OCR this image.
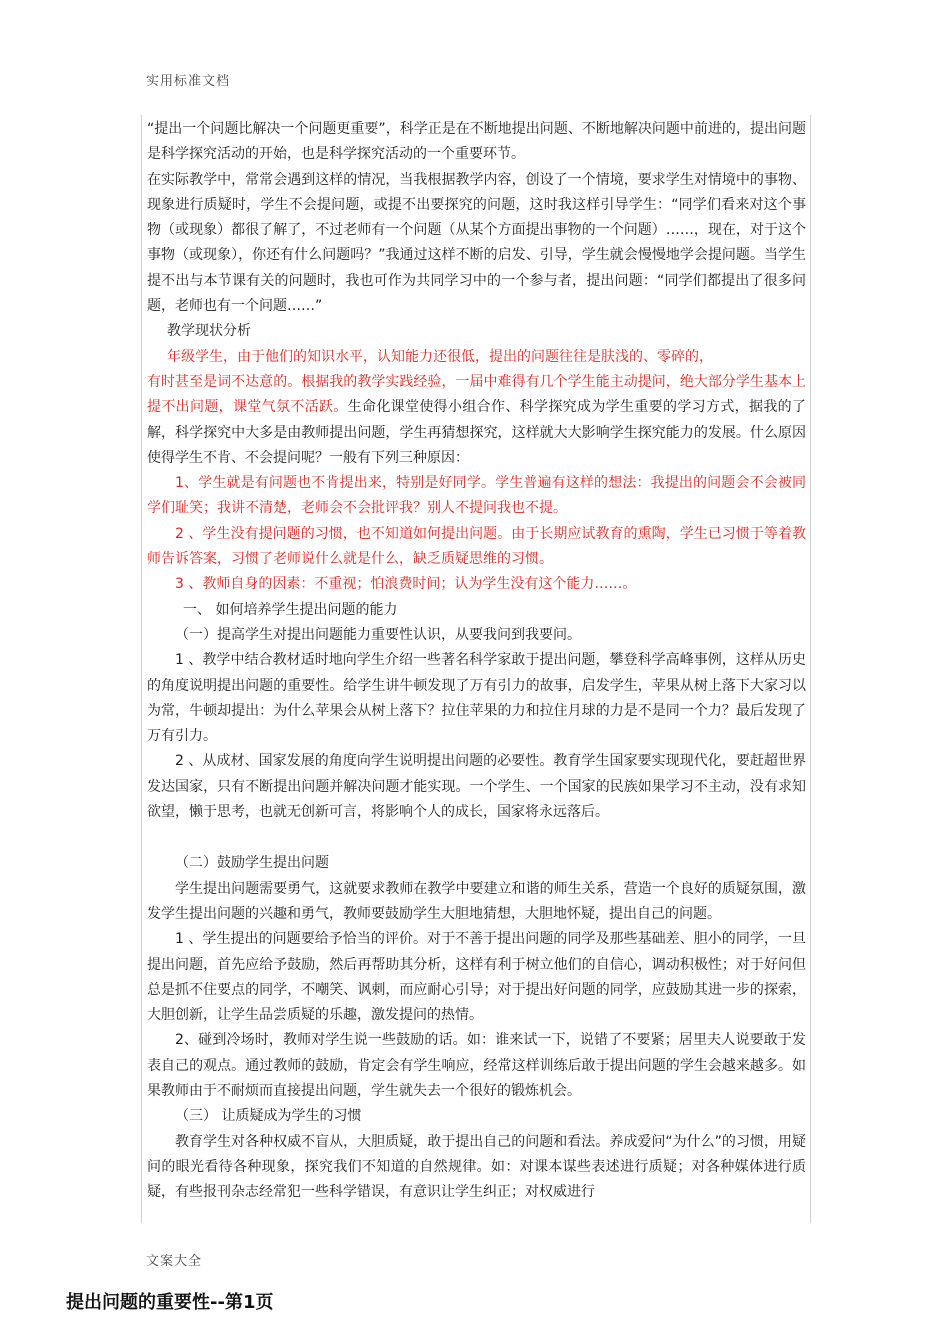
实用标准文档

“提出一个问题比解决一个问题更重要”，科学正是在不断地提出问题、不断地解决问题中前进的，提出问题是科学探究活动的开始，也是科学探究活动的一个重要环节。

在实际教学中，常常会遇到这样的情况，当我根据教学内容，创设了一个情境，要求学生对情境中的事物、现象进行质疑时，学生不会提问题，或提不出要探究的问题，这时我这样引导学生：“同学们看来对这个事物（或现象）都很了解了，不过老师有一个问题（从某个方面提出事物的一个问题）……，现在，对于这个事物（或现象），你还有什么问题吗？”我通过这样不断的启发、引导，学生就会慢慢地学会提问题。当学生提不出与本节课有关的问题时，我也可作为共同学习中的一个参与者，提出问题：“同学们都提出了很多问题，老师也有一个问题……”

教学现状分析

年级学生，由于他们的知识水平，认知能力还很低，提出的问题往往是肤浅的、零碎的，

有时甚至是词不达意的。根据我的教学实践经验，一届中难得有几个学生能主动提问，绝大部分学生基本上提不出问题，课堂气氛不活跃。生命化课堂使得小组合作、科学探究成为学生重要的学习方式，据我的了解，科学探究中大多是由教师提出问题，学生再猜想探究，这样就大大影响学生探究能力的发展。什么原因使得学生不肯、不会提问呢？一般有下列三种原因：

1、学生就是有问题也不肯提出来，特别是好同学。学生普遍有这样的想法：我提出的问题会不会被同学们耻笑；我讲不清楚，老师会不会批评我？别人不提问我也不提。

2 、学生没有提问题的习惯，也不知道如何提出问题。由于长期应试教育的熏陶，学生已习惯于等着教师告诉答案，习惯了老师说什么就是什么，缺乏质疑思维的习惯。

3 、教师自身的因素：不重视；怕浪费时间；认为学生没有这个能力……。

一、 如何培养学生提出问题的能力

（一）提高学生对提出问题能力重要性认识，从要我问到我要问。

1 、教学中结合教材适时地向学生介绍一些著名科学家敢于提出问题，攀登科学高峰事例，这样从历史的角度说明提出问题的重要性。给学生讲牛顿发现了万有引力的故事，启发学生，苹果从树上落下大家习以为常，牛顿却提出：为什么苹果会从树上落下？拉住苹果的力和拉住月球的力是不是同一个力？最后发现了万有引力。

2 、从成材、国家发展的角度向学生说明提出问题的必要性。教育学生国家要实现现代化，要赶超世界发达国家，只有不断提出问题并解决问题才能实现。一个学生、一个国家的民族如果学习不主动，没有求知欲望，懒于思考，也就无创新可言，将影响个人的成长，国家将永远落后。

（二）鼓励学生提出问题

学生提出问题需要勇气，这就要求教师在教学中要建立和谐的师生关系，营造一个良好的质疑氛围，激发学生提出问题的兴趣和勇气，教师要鼓励学生大胆地猜想，大胆地怀疑，提出自己的问题。

1 、学生提出的问题要给予恰当的评价。对于不善于提出问题的同学及那些基础差、胆小的同学，一旦提出问题，首先应给予鼓励，然后再帮助其分析，这样有利于树立他们的自信心，调动积极性；对于好问但总是抓不住要点的同学，不嘲笑、讽刺，而应耐心引导；对于提出好问题的同学，应鼓励其进一步的探索，大胆创新，让学生品尝质疑的乐趣，激发提问的热情。

2、碰到冷场时，教师对学生说一些鼓励的话。如：谁来试一下，说错了不要紧；居里夫人说要敢于发表自己的观点。通过教师的鼓励，肯定会有学生响应，经常这样训练后敢于提出问题的学生会越来越多。如果教师由于不耐烦而直接提出问题，学生就失去一个很好的锻炼机会。

（三） 让质疑成为学生的习惯

教育学生对各种权威不盲从，大胆质疑，敢于提出自己的问题和看法。养成爱问“为什么”的习惯，用疑问的眼光看待各种现象，探究我们不知道的自然规律。如：对课本谋些表述进行质疑；对各种媒体进行质疑，有些报刊杂志经常犯一些科学错误，有意识让学生纠正；对权威进行

文案大全
提出问题的重要性--第1页
